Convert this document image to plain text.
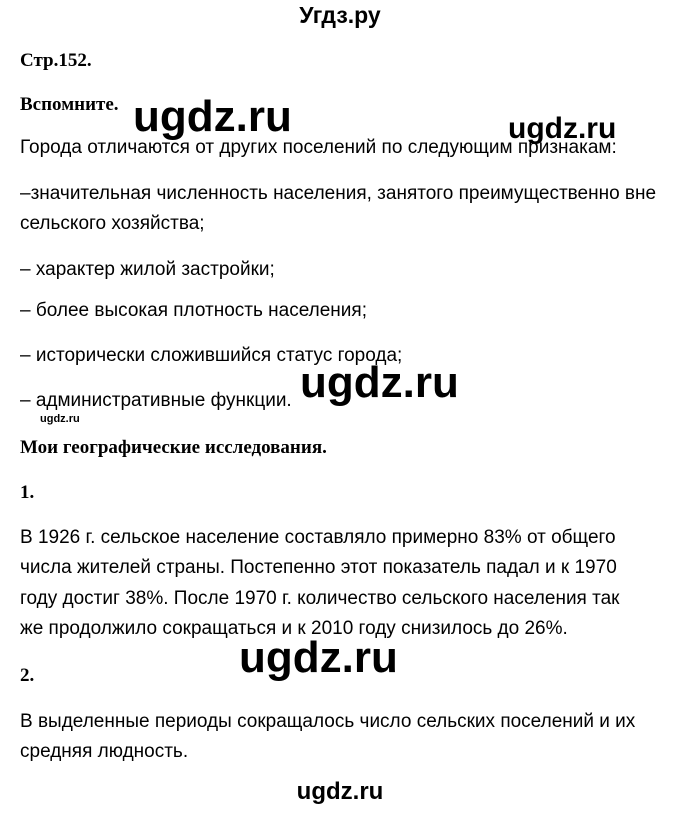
Угдз.ру
Стр.152.
Вспомните. ugdz.ru	ugdz.ru
Города отличаются от других поселений по следующим признакам:
–значительная численность населения, занятого преимущественно вне
сельского хозяйства;
– характер жилой застройки;
– более высокая плотность населения;
– исторически сложившийся статус города;
– административные функции. ugdz.ru
ugdz.ru
Мои географические исследования.
1.
В 1926 г. сельское население составляло примерно 83% от общего
числа жителей страны. Постепенно этот показатель падал и к 1970
году достиг 38%. После 1970 г. количество сельского населения так
же продолжило сокращаться и к 2010 году снизилось до 26%.
ugdz.ru
2.
В выделенные периоды сокращалось число сельских поселений и их
средняя людность.
ugdz.ru
